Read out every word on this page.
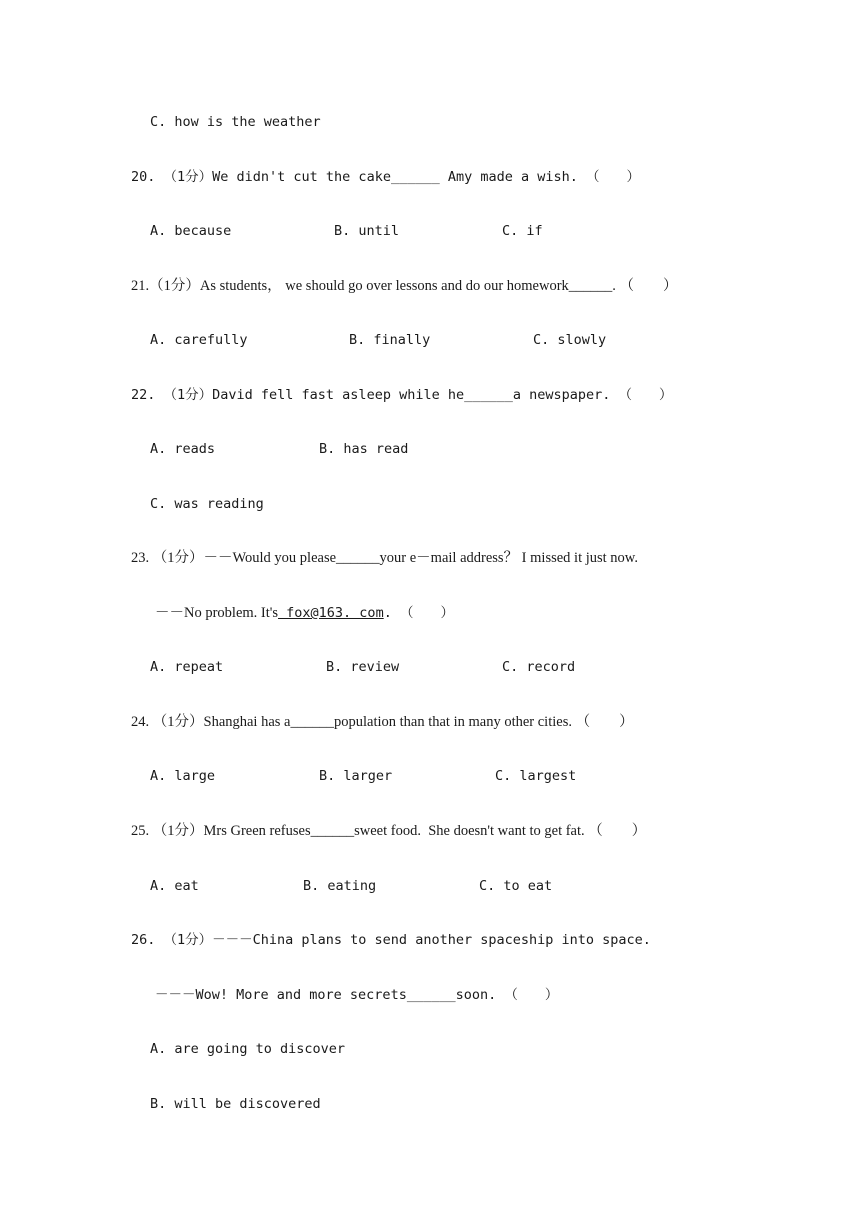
C. how is the weather
20. （1分）We didn't cut the cake______ Amy made a wish. （　　）
A. because	B. until	C. if
21.（1分）As students， we should go over lessons and do our homework______. （　　）
A. carefully	B. finally	C. slowly
22. （1分）David fell fast asleep while he______a newspaper. （　　）
A. reads	B. has read
C. was reading
23. （1分）－－Would you please______your e－mail address？ I missed it just now.
－－No problem. It's fox@163. com. （　　）
A. repeat	B. review	C. record
24. （1分）Shanghai has a______population than that in many other cities. （　　）
A. large	B. larger	C. largest
25. （1分）Mrs Green refuses______sweet food.  She doesn't want to get fat. （　　）
A. eat	B. eating	C. to eat
26. （1分）－－－China plans to send another spaceship into space.
－－－Wow! More and more secrets______soon. （　　）
A. are going to discover
B. will be discovered
